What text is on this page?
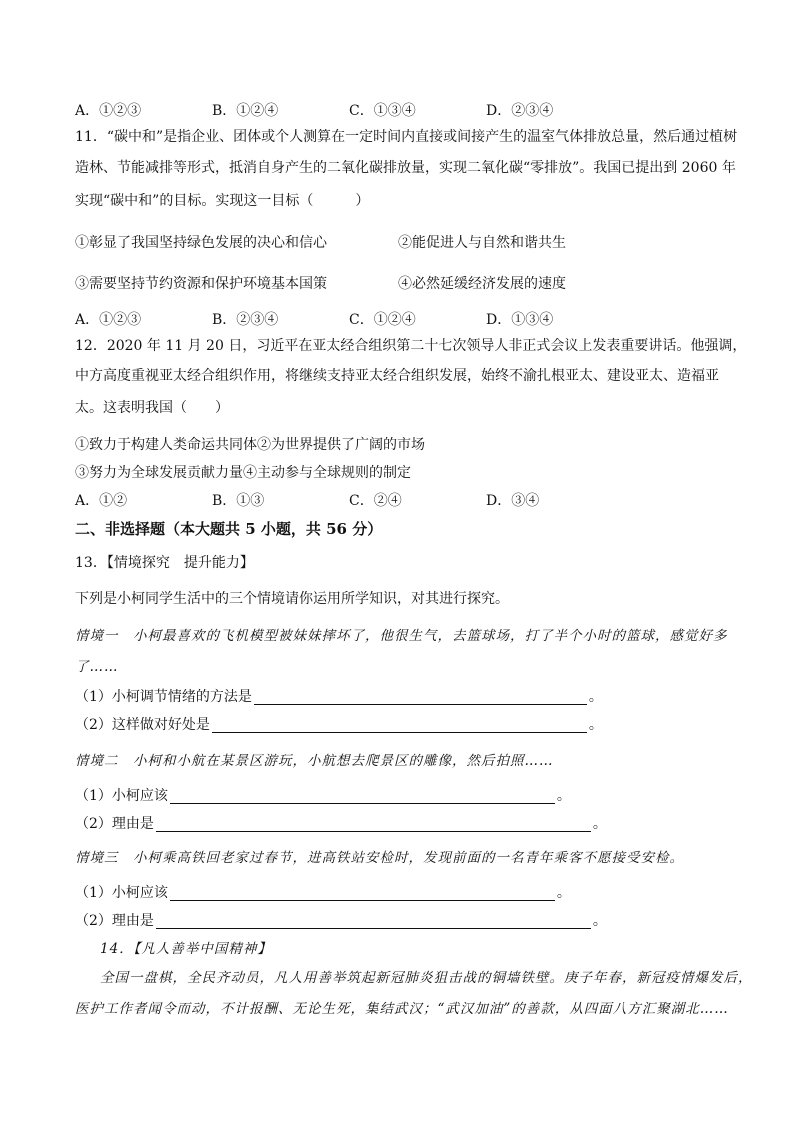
A．①②③	B．①②④	C．①③④	D．②③④
11．“碳中和”是指企业、团体或个人测算在一定时间内直接或间接产生的温室气体排放总量，然后通过植树
造林、节能减排等形式，抵消自身产生的二氧化碳排放量，实现二氧化碳“零排放”。我国已提出到 2060 年
实现“碳中和”的目标。实现这一目标（　　　）
①彰显了我国坚持绿色发展的决心和信心	②能促进人与自然和谐共生
③需要坚持节约资源和保护环境基本国策	④必然延缓经济发展的速度
A．①②③	B．②③④	C．①②④	D．①③④
12．2020 年 11 月 20 日，习近平在亚太经合组织第二十七次领导人非正式会议上发表重要讲话。他强调，
中方高度重视亚太经合组织作用，将继续支持亚太经合组织发展，始终不渝扎根亚太、建设亚太、造福亚
太。这表明我国（　　）
①致力于构建人类命运共同体②为世界提供了广阔的市场
③努力为全球发展贡献力量④主动参与全球规则的制定
A．①②	B．①③	C．②④	D．③④
二、非选择题（本大题共 5 小题，共 56 分）
13．【情境探究　提升能力】
下列是小柯同学生活中的三个情境请你运用所学知识，对其进行探究。
情境一　小柯最喜欢的飞机模型被妹妹摔坏了，他很生气，去篮球场，打了半个小时的篮球，感觉好多
了……
（1）小柯调节情绪的方法是	。
（2）这样做对好处是	。
情境二　小柯和小航在某景区游玩，小航想去爬景区的雕像，然后拍照……
（1）小柯应该	。
（2）理由是	。
情境三　小柯乘高铁回老家过春节，进高铁站安检时，发现前面的一名青年乘客不愿接受安检。
（1）小柯应该	。
（2）理由是	。
14．【凡人善举中国精神】
全国一盘棋，全民齐动员，凡人用善举筑起新冠肺炎狙击战的铜墙铁壁。庚子年春，新冠疫情爆发后，
医护工作者闻令而动，不计报酬、无论生死，集结武汉；“武汉加油”的善款，从四面八方汇聚湖北……
